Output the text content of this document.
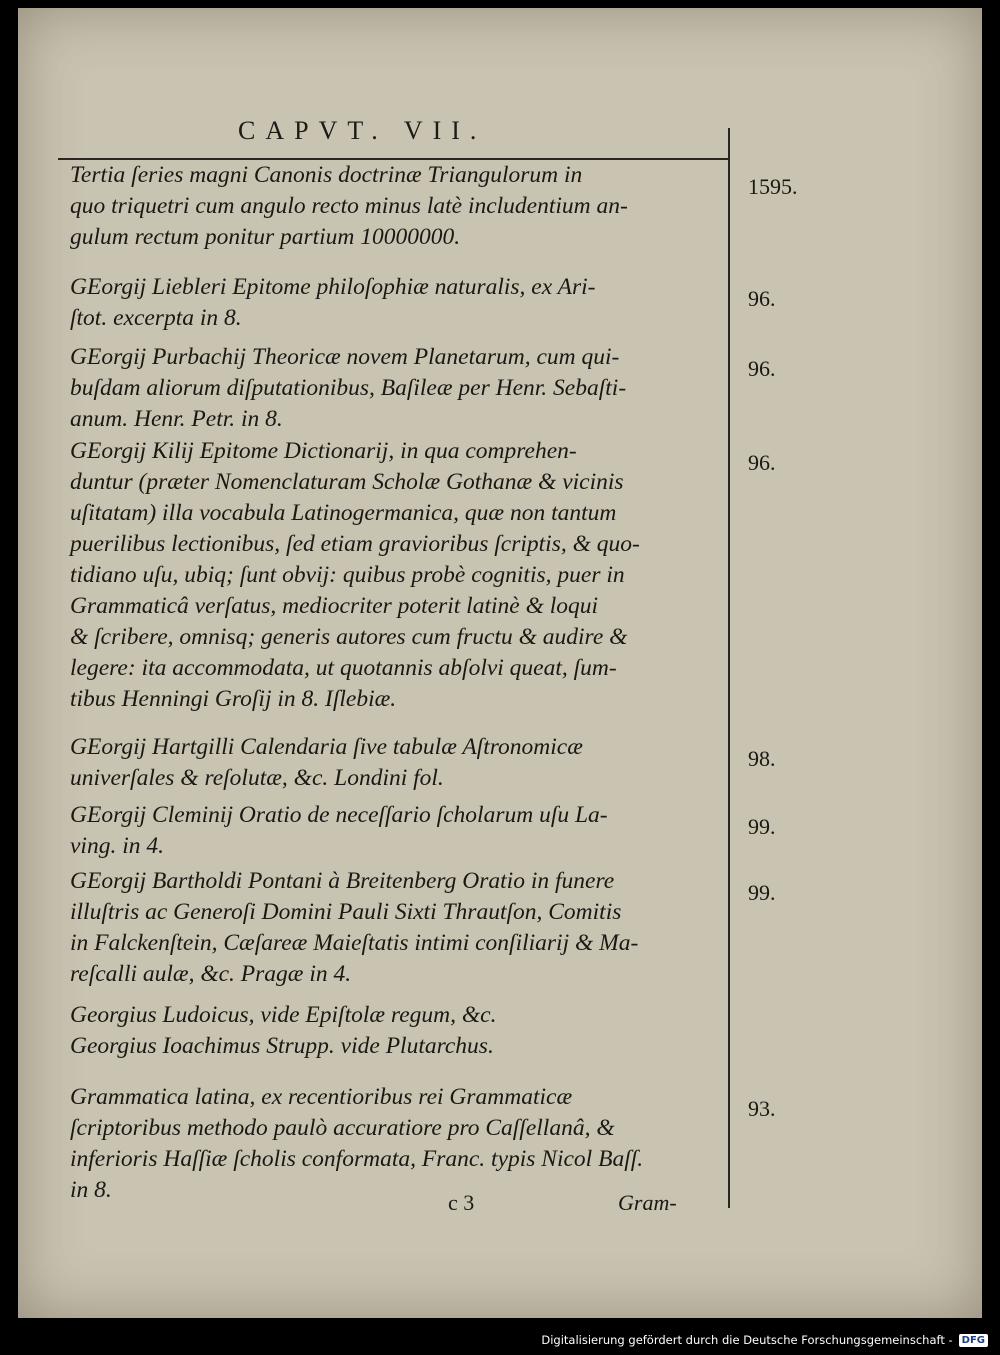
CAPVT. VII.
c 3	Gram-
Tertia ſeries magni Canonis doctrinæ Triangulorum in
quo triquetri cum angulo recto minus latè includentium an-
gulum rectum ponitur partium 10000000.
1595.
GEorgij Liebleri Epitome philoſophiæ naturalis, ex Ari-
ſtot. excerpta in 8.
96.
GEorgij Purbachij Theoricæ novem Planetarum, cum qui-
buſdam aliorum diſputationibus, Baſileæ per Henr. Sebaſti-
anum. Henr. Petr. in 8.
96.
GEorgij Kilij Epitome Dictionarij, in qua comprehen-
duntur (præter Nomenclaturam Scholæ Gothanæ & vicinis
uſitatam) illa vocabula Latinogermanica, quæ non tantum
puerilibus lectionibus, ſed etiam gravioribus ſcriptis, & quo-
tidiano uſu, ubiq; ſunt obvij: quibus probè cognitis, puer in
Grammaticâ verſatus, mediocriter poterit latinè & loqui
& ſcribere, omnisq; generis autores cum fructu & audire &
legere: ita accommodata, ut quotannis abſolvi queat, ſum-
tibus Henningi Groſij in 8. Iſlebiæ.
96.
GEorgij Hartgilli Calendaria ſive tabulæ Aſtronomicæ
univerſales & reſolutæ, &c. Londini fol.
98.
GEorgij Cleminij Oratio de neceſſario ſcholarum uſu La-
ving. in 4.
99.
GEorgij Bartholdi Pontani à Breitenberg Oratio in funere
illuſtris ac Generoſi Domini Pauli Sixti Thrautſon, Comitis
in Falckenſtein, Cæſareæ Maieſtatis intimi conſiliarij & Ma-
reſcalli aulæ, &c. Pragæ in 4.
99.
Georgius Ludoicus, vide Epiſtolæ regum, &c.
Georgius Ioachimus Strupp. vide Plutarchus.
Grammatica latina, ex recentioribus rei Grammaticæ
ſcriptoribus methodo paulò accuratiore pro Caſſellanâ, &
inferioris Haſſiæ ſcholis conformata, Franc. typis Nicol Baſſ.
in 8.
93.
Digitalisierung gefördert durch die Deutsche Forschungsgemeinschaft - DFG
